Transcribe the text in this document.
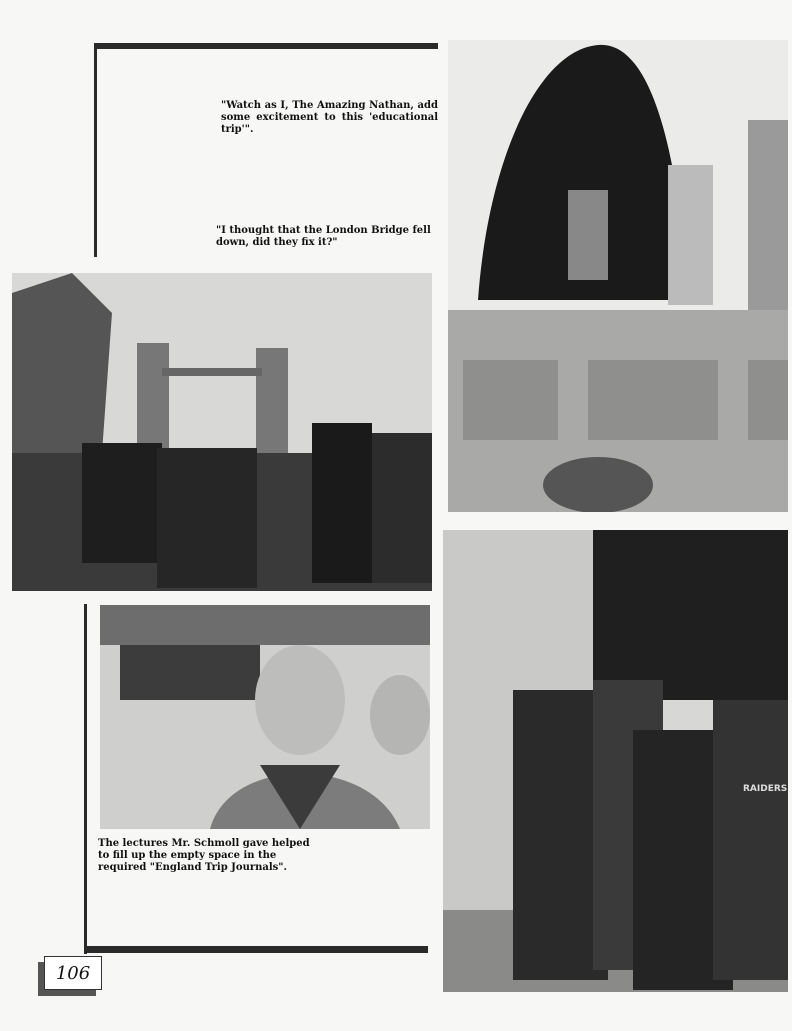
"Watch as I, The Amazing Nathan, add some excitement to this 'educational trip'".
"I thought that the London Bridge fell down, did they fix it?"
The lectures Mr. Schmoll gave helped to fill up the empty space in the required "England Trip Journals".
RAIDERS
106
